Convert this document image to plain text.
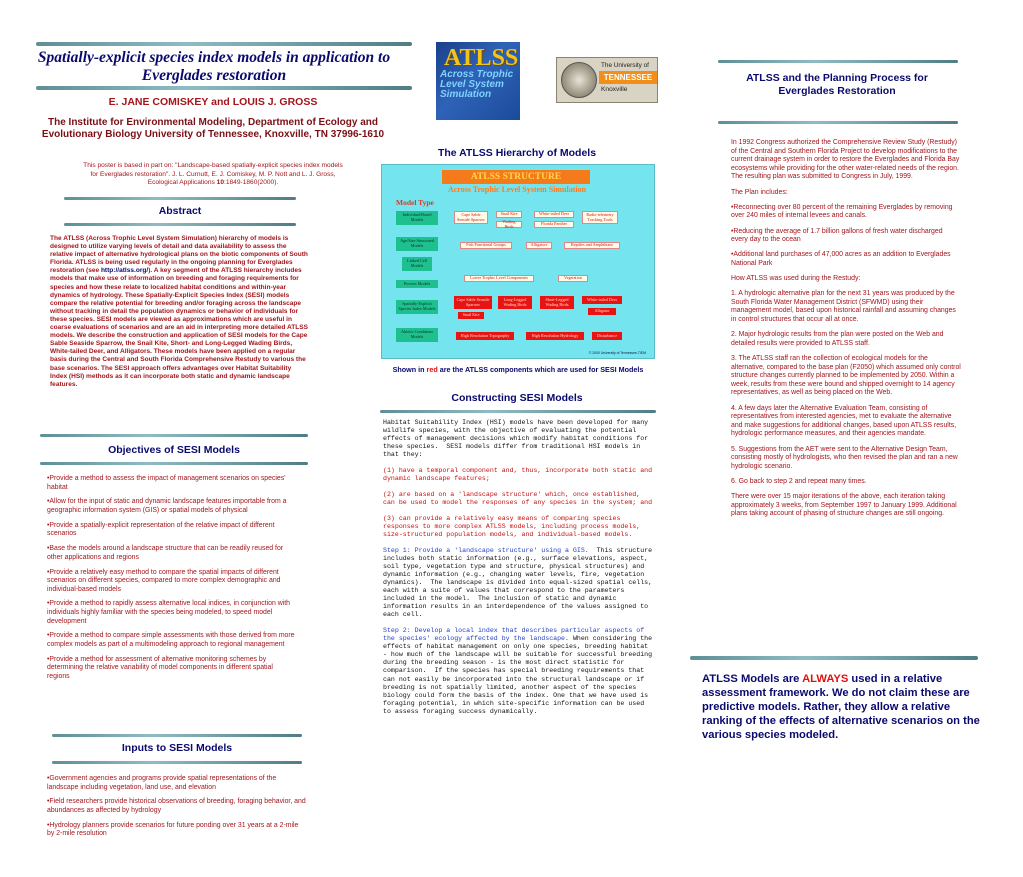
Spatially-explicit species index models in application to Everglades restoration
E. JANE COMISKEY and LOUIS J. GROSS
The Institute for Environmental Modeling, Department of Ecology and Evolutionary Biology University of Tennessee, Knoxville, TN 37996-1610
This poster is based in part on: "Landscape-based spatially-explicit species index models for Everglades restoration". J. L. Curnutt, E. J. Comiskey, M. P. Nott and L. J. Gross, Ecological Applications 10:1849-1860(2000).
Abstract
The ATLSS (Across Trophic Level System Simulation) hierarchy of models is designed to utilize varying levels of detail and data availability to assess the relative impact of alternative hydrological plans on the biotic components of South Florida. ATLSS is being used regularly in the ongoing planning for Everglades restoration (see http://atlss.org/). A key segment of the ATLSS hierarchy includes models that make use of information on breeding and foraging requirements for species and how these relate to localized habitat conditions and within-year dynamics of hydrology. These Spatially-Explicit Species Index (SESI) models compare the relative potential for breeding and/or foraging across the landscape without tracking in detail the population dynamics or behavior of individuals for these species. SESI models are viewed as approximations which are useful in coarse evaluations of scenarios and are an aid in interpreting more detailed ATLSS models. We describe the construction and application of SESI models for the Cape Sable Seaside Sparrow, the Snail Kite, Short- and Long-Legged Wading Birds, White-tailed Deer, and Alligators. These models have been applied on a regular basis during the Central and South Florida Comprehensive Restudy to various the base scenarios. The SESI approach offers advantages over Habitat Suitability Index (HSI) methods as it can incorporate both static and dynamic landscape features.
Objectives of SESI Models
•Provide a method to assess the impact of management scenarios on species' habitat
•Allow for the input of static and dynamic landscape features importable from a geographic information system (GIS) or spatial models of physical
•Provide a spatially-explicit representation of the relative impact of different scenarios
•Base the models around a landscape structure that can be readily reused for other applications and regions
•Provide a relatively easy method to compare the spatial impacts of different scenarios on different species, compared to more complex demographic and individual-based models
•Provide a method to rapidly assess alternative local indices, in conjunction with individuals highly familiar with the species being modeled, to speed model development
•Provide a method to compare simple assessments with those derived from more complex models as part of a multimodeling approach to regional management
•Provide a method for assessment of alternative monitoring schemes by determining the relative variability of model components in different spatial regions
Inputs to SESI Models
•Government agencies and programs provide spatial representations of the landscape including vegetation, land use, and elevation
•Field researchers provide historical observations of breeding, foraging behavior, and abundances as affected by hydrology
•Hydrology planners provide scenarios for future ponding over 31 years at a 2-mile by 2-mile resolution
ATLSS
Across Trophic Level System Simulation
The University of
TENNESSEE
Knoxville
The ATLSS Hierarchy of Models
ATLSS STRUCTURE
Across Trophic Level System Simulation
Model Type
Individual-Based Models
Age/Size Structured Models
Linked Cell Models
Process Models
Spatially-Explicit Species Index Models
Abiotic Conditions Models
Cape Sable Seaside Sparrow
Snail Kite	White-tailed Deer	Radio-telemetry Tracking Tools
Wading Birds	Florida Panther
Fish Functional Groups	Alligators	Reptiles and Amphibians
Lower Trophic Level Components	Vegetation
Cape Sable Seaside Sparrow
Long-Legged Wading Birds
Short-Legged Wading Birds
White-tailed Deer
Snail Kite
Alligator
High Resolution Topography	High Resolution Hydrology	Disturbance
© 2000 University of Tennessee-TIEM
Shown in red are the ATLSS components which are used for SESI Models
Constructing SESI Models

Habitat Suitability Index (HSI) models have been developed for many wildlife species, with the objective of evaluating the potential effects of management decisions which modify habitat conditions for these species.  SESI models differ from traditional HSI models in that they:

(1) have a temporal component and, thus, incorporate both static and dynamic landscape features;

(2) are based on a 'landscape structure' which, once established, can be used to model the responses of any species in the system; and

(3) can provide a relatively easy means of comparing species responses to more complex ATLSS models, including process models, size-structured population models, and individual-based models.

Step 1: Provide a 'landscape structure' using a GIS.  This structure includes both static information (e.g., surface elevations, aspect, soil type, vegetation type and structure, physical structures) and dynamic information (e.g., changing water levels, fire, vegetation dynamics).  The landscape is divided into equal-sized spatial cells, each with a suite of values that correspond to the parameters included in the model.  The inclusion of static and dynamic information results in an interdependence of the values assigned to each cell.

Step 2: Develop a local index that describes particular aspects of the species' ecology affected by the landscape. When considering the effects of habitat management on only one species, breeding habitat - how much of the landscape will be suitable for successful breeding during the breeding season - is the most direct statistic for comparison.  If the species has special breeding requirements that can not easily be incorporated into the structural landscape or if breeding is not spatially limited, another aspect of the species biology could form the basis of the index. One that we have used is foraging potential, in which site-specific information can be used to assess foraging success dynamically.

ATLSS and the Planning Process for Everglades Restoration

In 1992 Congress authorized the Comprehensive Review Study (Restudy) of the Central and Southern Florida Project to develop modifications to the current drainage system in order to restore the Everglades and Florida Bay ecosystems while providing for the other water-related needs of the region. The resulting plan was submitted to Congress in July, 1999.

The Plan includes:

•Reconnecting over 80 percent of the remaining Everglades by removing over 240 miles of internal levees and canals.

•Reducing the average of 1.7 billion gallons of fresh water discharged every day to the ocean

•Additional land purchases of 47,000 acres as an addition to Everglades National Park

How ATLSS was used during the Restudy:

1. A hydrologic alternative plan for the next 31 years was produced by the South Florida Water Management District (SFWMD) using their management model, based upon historical rainfall and assuming changes in control structures that occur all at once.

2. Major hydrologic results from the plan were posted on the Web and detailed results were provided to ATLSS staff.

3. The ATLSS staff ran the collection of ecological models for the alternative, compared to the base plan (F2050) which assumed only control structure changes currently planned to be implemented by 2050. Within a week, results from these were bound and shipped overnight to 14 agency representatives, as well as being placed on the Web.

4. A few days later the Alternative Evaluation Team, consisting of representatives from interested agencies, met to evaluate the alternative and make suggestions for additional changes, based upon ATLSS results, hydrologic performance measures, and their agencies mandate.

5. Suggestions from the AET were sent to the Alternative Design Team, consisting mostly of hydrologists, who then revised the plan and ran a new hydrologic scenario.

6. Go back to step 2 and repeat many times.

There were over 15 major iterations of the above, each iteration taking approximately 3 weeks, from September 1997 to January 1999. Additional plans taking account of phasing of structure changes are still ongoing.

ATLSS Models are ALWAYS used in a relative assessment framework. We do not claim these are predictive models. Rather, they allow a relative ranking of the effects of alternative scenarios on the various species modeled.
